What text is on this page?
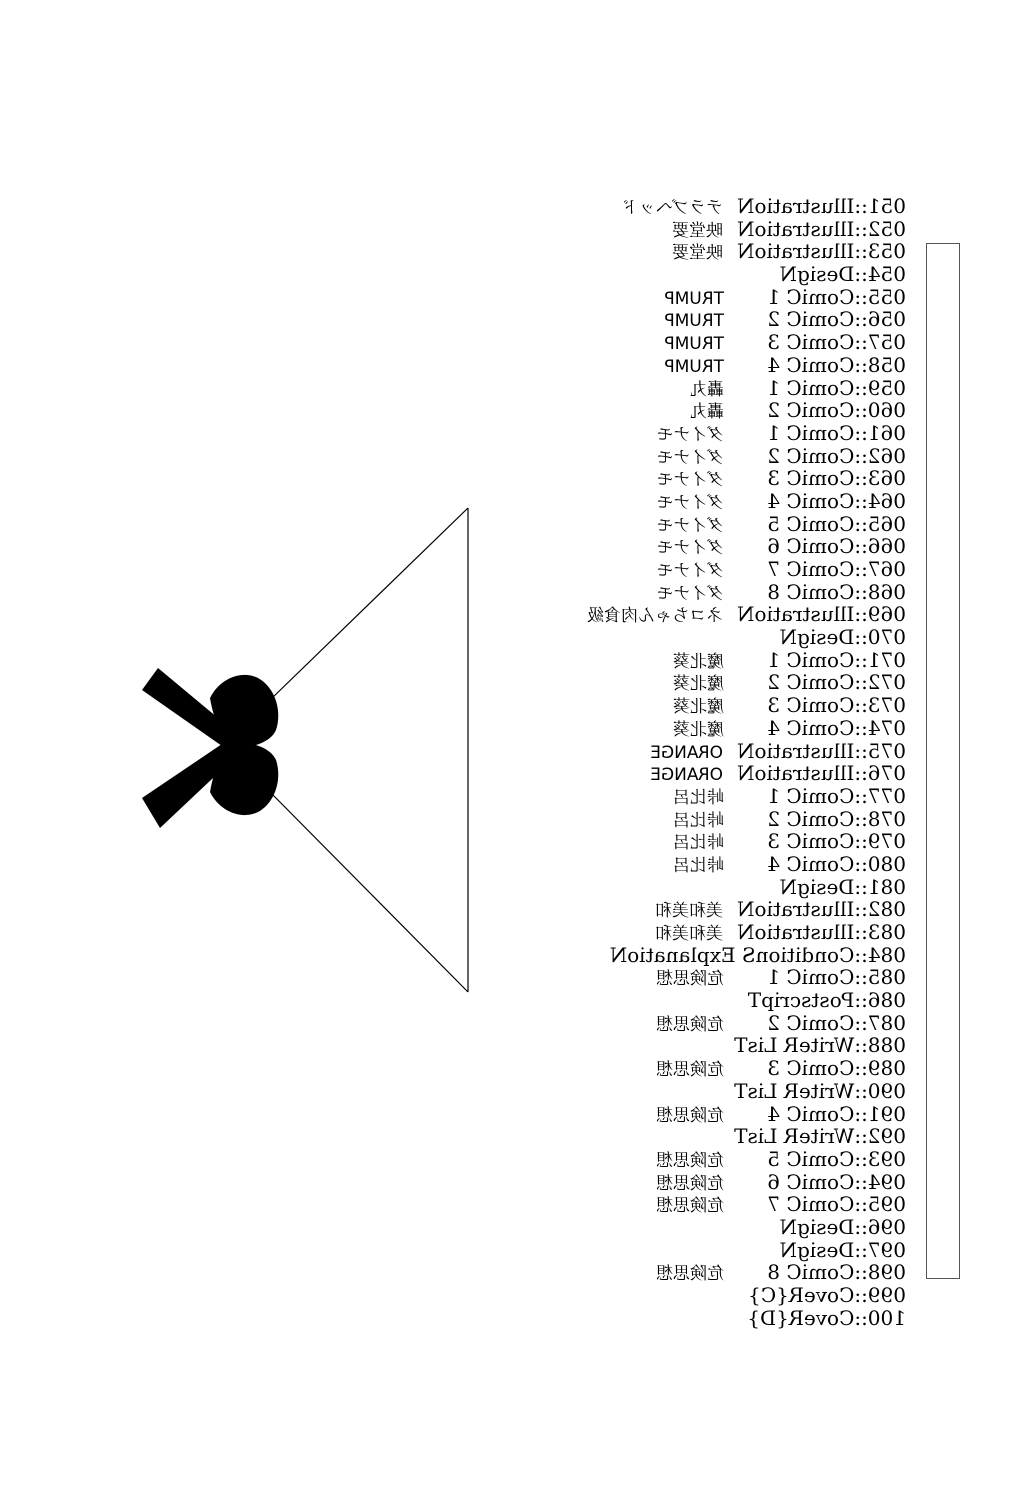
051::IllustratioN
テラブヘッド
052::IllustratioN
映堂要
053::IllustratioN
映堂要
054::DesigN
055::ComiC 1
TRUMP
056::ComiC 2
TRUMP
057::ComiC 3
TRUMP
058::ComiC 4
TRUMP
059::ComiC 1
轟丸
060::ComiC 2
轟丸
061::ComiC 1
ダイナモ
062::ComiC 2
ダイナモ
063::ComiC 3
ダイナモ
064::ComiC 4
ダイナモ
065::ComiC 5
ダイナモ
066::ComiC 6
ダイナモ
067::ComiC 7
ダイナモ
068::ComiC 8
ダイナモ
069::IllustratioN
ネコちゃん肉食級
070::DesigN
071::ComiC 1
魔北葵
072::ComiC 2
魔北葵
073::ComiC 3
魔北葵
074::ComiC 4
魔北葵
075::IllustratioN
ORANGE
076::IllustratioN
ORANGE
077::ComiC 1
峠比呂
078::ComiC 2
峠比呂
079::ComiC 3
峠比呂
080::ComiC 4
峠比呂
081::DesigN
082::IllustratioN
美和美和
083::IllustratioN
美和美和
084::ConditionS ExplanatioN
085::ComiC 1
危険思想
086::PostscripT
087::ComiC 2
危険思想
088::WriteR LisT
089::ComiC 3
危険思想
090::WriteR LisT
091::ComiC 4
危険思想
092::WriteR LisT
093::ComiC 5
危険思想
094::ComiC 6
危険思想
095::ComiC 7
危険思想
096::DesigN
097::DesigN
098::ComiC 8
危険思想
099::CoveR{C}
100::CoveR{D}
